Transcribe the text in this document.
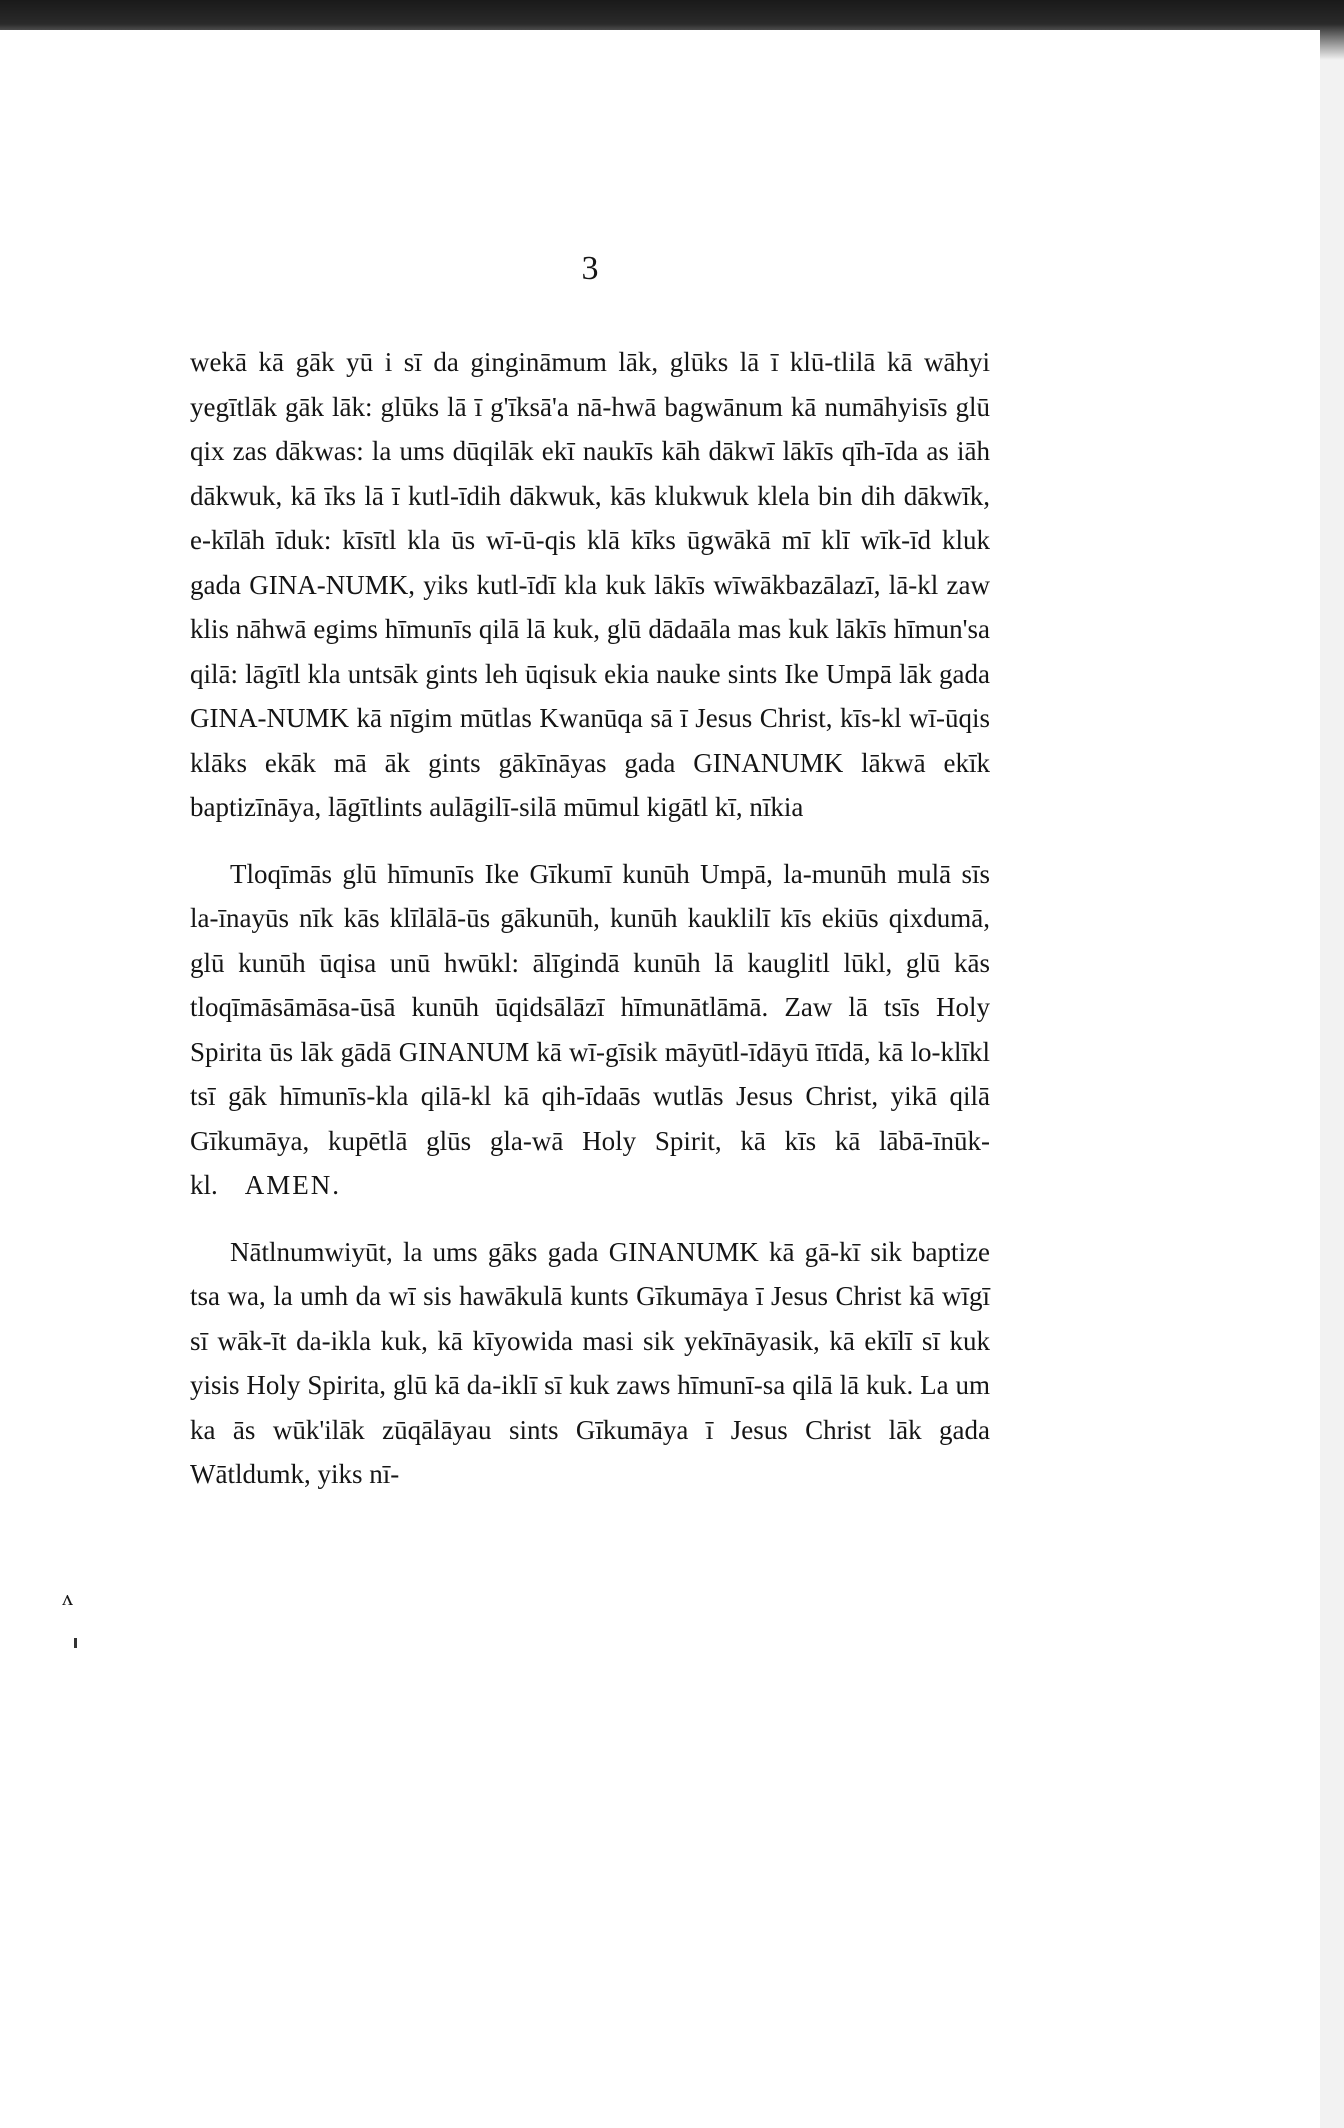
3

wekā kā gāk yū i sī da gingināmum lāk, glūks lā ī klū-tlilā kā wāhyi yegītlāk gāk lāk: glūks lā ī g'īksā'a nā-hwā bagwānum kā numāhyisīs glū qix zas dākwas: la ums dūqilāk ekī naukīs kāh dākwī lākīs qīh-īda as iāh dākwuk, kā īks lā ī kutl-īdih dākwuk, kās klukwuk klela bin dih dākwīk, e-kīlāh īduk: kīsītl kla ūs wī-ū-qis klā kīks ūgwākā mī klī wīk-īd kluk gada GINA-NUMK, yiks kutl-īdī kla kuk lākīs wīwākbazālazī, lā-kl zaw klis nāhwā egims hīmunīs qilā lā kuk, glū dādaāla mas kuk lākīs hīmun'sa qilā: lāgītl kla untsāk gints leh ūqisuk ekia nauke sints Ike Umpā lāk gada GINA-NUMK kā nīgim mūtlas Kwanūqa sā ī Jesus Christ, kīs-kl wī-ūqis klāks ekāk mā āk gints gākīnāyas gada GINANUMK lākwā ekīk baptizīnāya, lāgītlints aulāgilī-silā mūmul kigātl kī, nīkia

Tloqīmās glū hīmunīs Ike Gīkumī kunūh Umpā, la-munūh mulā sīs la-īnayūs nīk kās klīlālā-ūs gākunūh, kunūh kauklilī kīs ekiūs qixdumā, glū kunūh ūqisa unū hwūkl: ālīgindā kunūh lā kauglitl lūkl, glū kās tloqīmāsāmāsa-ūsā kunūh ūqidsālāzī hīmunātlāmā. Zaw lā tsīs Holy Spirita ūs lāk gādā GINANUM kā wī-gīsik māyūtl-īdāyū ītīdā, kā lo-klīkl tsī gāk hīmunīs-kla qilā-kl kā qih-īdaās wutlās Jesus Christ, yikā qilā Gīkumāya, kupētlā glūs gla-wā Holy Spirit, kā kīs kā lābā-īnūk-kl. AMEN.

Nātlnumwiyūt, la ums gāks gada GINANUMK kā gā-kī sik baptize tsa wa, la umh da wī sis hawākulā kunts Gīkumāya ī Jesus Christ kā wīgī sī wāk-īt da-ikla kuk, kā kīyowida masi sik yekīnāyasik, kā ekīlī sī kuk yisis Holy Spirita, glū kā da-iklī sī kuk zaws hīmunī-sa qilā lā kuk. La um ka ās wūk'ilāk zūqālāyau sints Gīkumāya ī Jesus Christ lāk gada Wātldumk, yiks nī-

ʌ
